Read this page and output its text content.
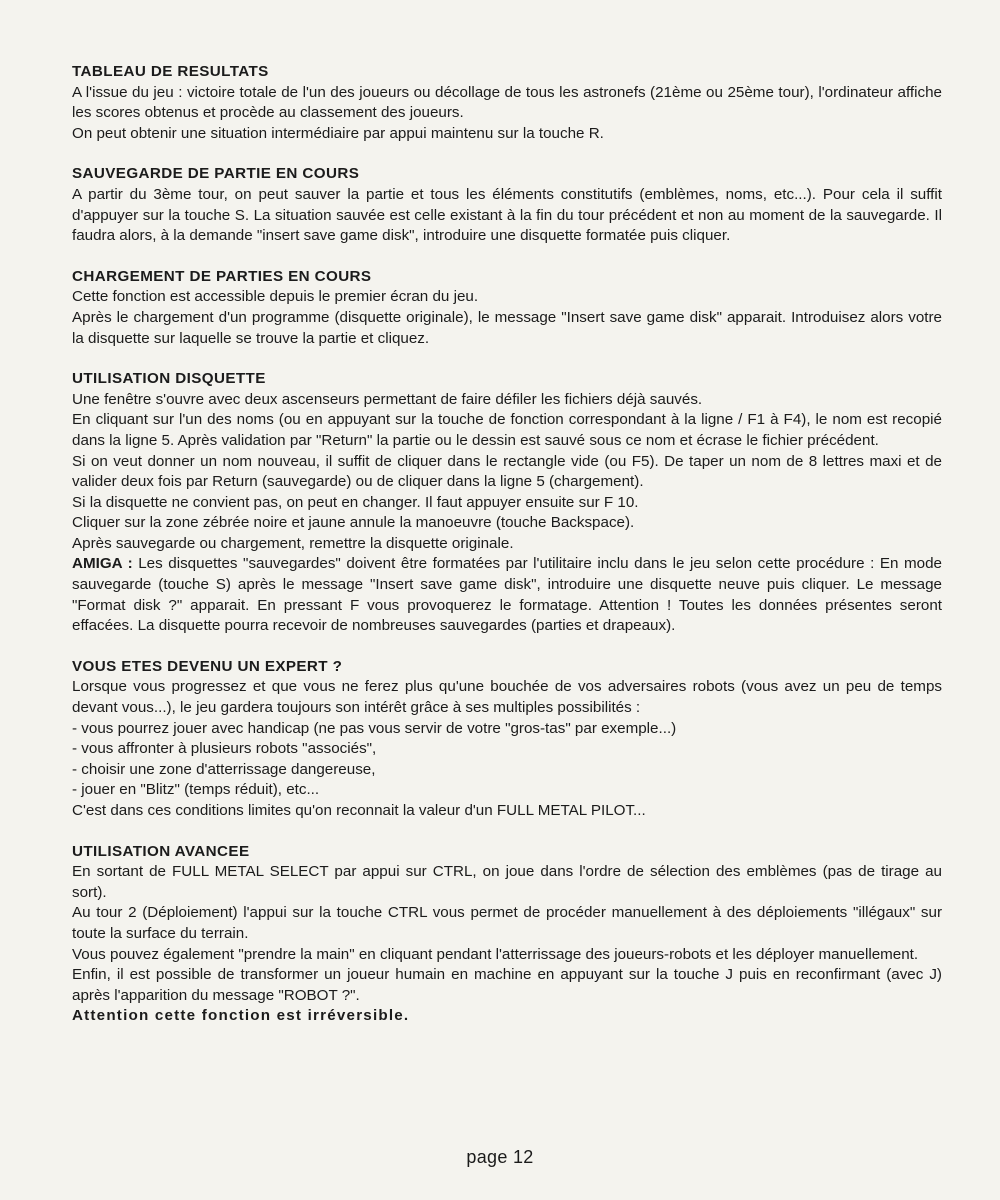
TABLEAU DE RESULTATS

A l'issue du jeu : victoire totale de l'un des joueurs ou décollage de tous les astronefs (21ème ou 25ème tour), l'ordinateur affiche les scores obtenus et procède au classement des joueurs.

On peut obtenir une situation intermédiaire par appui maintenu sur la touche R.

SAUVEGARDE DE PARTIE EN COURS

A partir du 3ème tour, on peut sauver la partie et tous les éléments constitutifs (emblèmes, noms, etc...). Pour cela il suffit d'appuyer sur la touche S. La situation sauvée est celle existant à la fin du tour précédent et non au moment de la sauvegarde. Il faudra alors, à la demande "insert save game disk", introduire une disquette formatée puis cliquer.

CHARGEMENT DE PARTIES EN COURS

Cette fonction est accessible depuis le premier écran du jeu.

Après le chargement d'un programme (disquette originale), le message "Insert save game disk" apparait. Introduisez alors votre la disquette sur laquelle se trouve la partie et cliquez.

UTILISATION DISQUETTE

Une fenêtre s'ouvre avec deux ascenseurs permettant de faire défiler les fichiers déjà sauvés.

En cliquant sur l'un des noms (ou en appuyant sur la touche de fonction correspondant à la ligne / F1 à F4), le nom est recopié dans la ligne 5. Après validation par "Return" la partie ou le dessin est sauvé sous ce nom et écrase le fichier précédent.

Si on veut donner un nom nouveau, il suffit de cliquer dans le rectangle vide (ou F5). De taper un nom de 8 lettres maxi et de valider deux fois par Return (sauvegarde) ou de cliquer dans la ligne 5 (chargement).

Si la disquette ne convient pas, on peut en changer. Il faut appuyer ensuite sur F 10.

Cliquer sur la zone zébrée noire et jaune annule la manoeuvre (touche Backspace).

Après sauvegarde ou chargement, remettre la disquette originale.

AMIGA : Les disquettes "sauvegardes" doivent être formatées par l'utilitaire inclu dans le jeu selon cette procédure : En mode sauvegarde (touche S) après le message "Insert save game disk", introduire une disquette neuve puis cliquer. Le message "Format disk ?" apparait. En pressant F vous provoquerez le formatage. Attention ! Toutes les données présentes seront effacées. La disquette pourra recevoir de nombreuses sauvegardes (parties et drapeaux).

VOUS ETES DEVENU UN EXPERT ?

Lorsque vous progressez et que vous ne ferez plus qu'une bouchée de vos adversaires robots (vous avez un peu de temps devant vous...), le jeu gardera toujours son intérêt grâce à ses multiples possibilités :

- vous pourrez jouer avec handicap (ne pas vous servir de votre "gros-tas" par exemple...)

- vous affronter à plusieurs robots "associés",

- choisir une zone d'atterrissage dangereuse,

- jouer en "Blitz" (temps réduit), etc...

C'est dans ces conditions limites qu'on reconnait la valeur d'un FULL METAL PILOT...

UTILISATION AVANCEE

En sortant de FULL METAL SELECT par appui sur CTRL, on joue dans l'ordre de sélection des emblèmes (pas de tirage au sort).

Au tour 2 (Déploiement) l'appui sur la touche CTRL vous permet de procéder manuellement à des déploiements "illégaux" sur toute la surface du terrain.

Vous pouvez également "prendre la main" en cliquant pendant l'atterrissage des joueurs-robots et les déployer manuellement.

Enfin, il est possible de transformer un joueur humain en machine en appuyant sur la touche J puis en reconfirmant (avec J) après l'apparition du message "ROBOT ?".

Attention cette fonction est irréversible.

page 12
